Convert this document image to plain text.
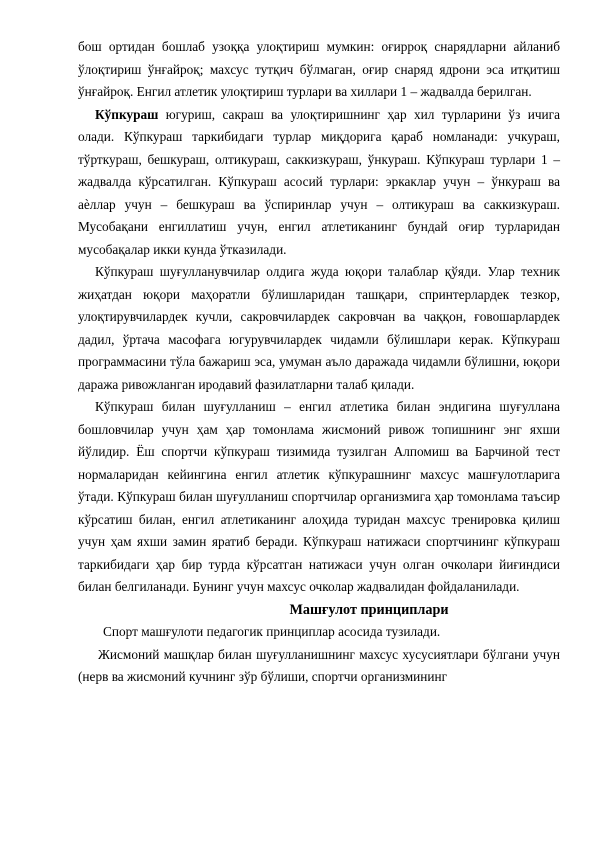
бош ортидан бошлаб узоққа улоқтириш мумкин: оғирроқ снарядларни айланиб ўлоқтириш ўнғайроқ; махсус тутқич бўлмаган, оғир снаряд ядрони эса итқитиш ўнғайроқ. Енгил атлетик улоқтириш турлари ва хиллари 1 – жадвалда берилган.

Кўпкураш югуриш, сакраш ва улоқтиришнинг ҳар хил турларини ўз ичига олади. Кўпкураш таркибидаги турлар миқдорига қараб номланади: учкураш, тўрткураш, бешкураш, олтикураш, саккизкураш, ўнкураш. Кўпкураш турлари 1 – жадвалда кўрсатилган. Кўпкураш асосий турлари: эркаклар учун – ўнкураш ва аѐллар учун – бешкураш ва ўспиринлар учун – олтикураш ва саккизкураш. Мусобақани енгиллатиш учун, енгил атлетиканинг бундай оғир турларидан мусобақалар икки кунда ўтказилади.

Кўпкураш шуғулланувчилар олдига жуда юқори талаблар қўяди. Улар техник жиҳатдан юқори маҳоратли бўлишларидан ташқари, спринтерлардек тезкор, улоқтирувчилардек кучли, сакровчилардек сакровчан ва чаққон, ғовошарлардек дадил, ўртача масофага югурувчилардек чидамли бўлишлари керак. Кўпкураш программасини тўла бажариш эса, умуман аъло даражада чидамли бўлишни, юқори даража ривожланган иродавий фазилатларни талаб қилади.

Кўпкураш билан шуғулланиш – енгил атлетика билан эндигина шуғуллана бошловчилар учун ҳам ҳар томонлама жисмоний ривож топишнинг энг яхши йўлидир. Ёш спортчи кўпкураш тизимида тузилган Алпомиш ва Барчиной тест нормаларидан кейингина енгил атлетик кўпкурашнинг махсус машғулотларига ўтади. Кўпкураш билан шуғулланиш спортчилар организмига ҳар томонлама таъсир кўрсатиш билан, енгил атлетиканинг алоҳида туридан махсус тренировка қилиш учун ҳам яхши замин яратиб беради. Кўпкураш натижаси спортчининг кўпкураш таркибидаги ҳар бир турда кўрсатган натижаси учун олган очколари йиғиндиси билан белгиланади. Бунинг учун махсус очколар жадвалидан фойдаланилади.

Машғулот принциплари

Спорт машғулоти педагогик принциплар асосида тузилади.

Жисмоний машқлар билан шуғулланишнинг махсус хусусиятлари бўлгани учун (нерв ва жисмоний кучнинг зўр бўлиши, спортчи организмининг
